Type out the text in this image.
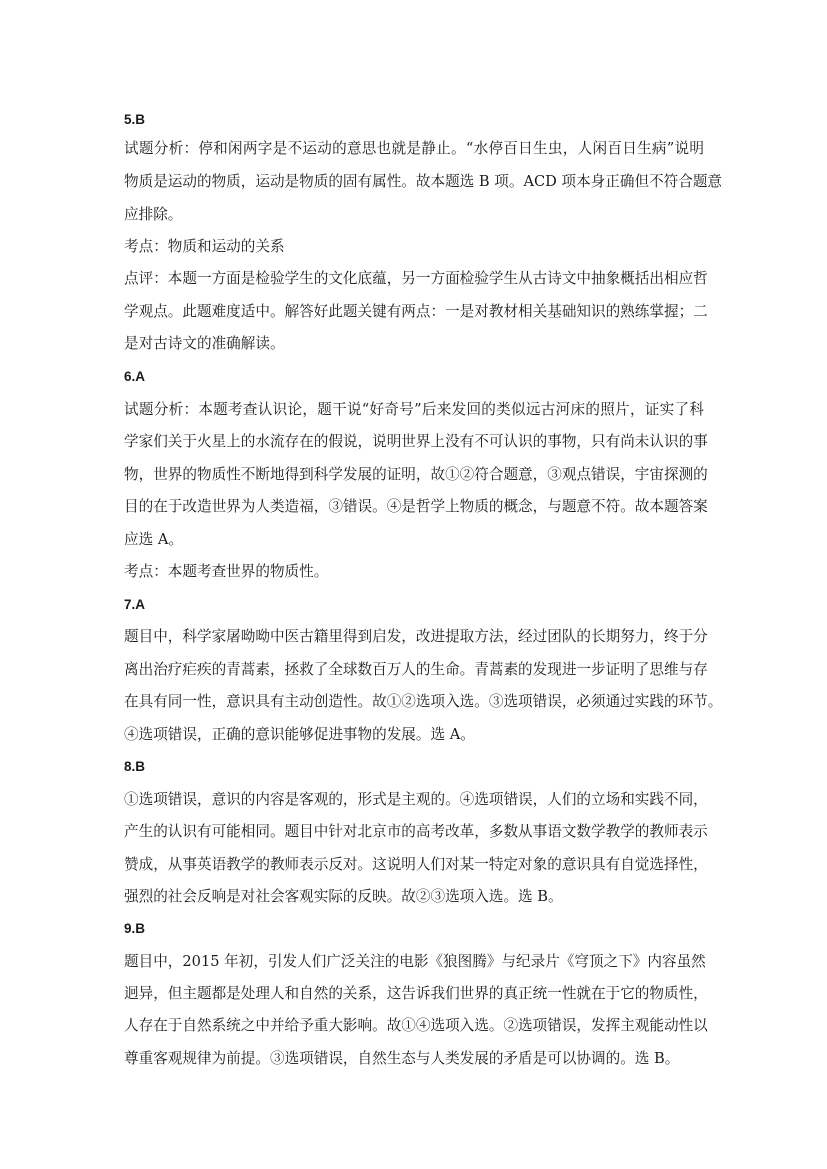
5.B
试题分析：停和闲两字是不运动的意思也就是静止。“水停百日生虫，人闲百日生病”说明
物质是运动的物质，运动是物质的固有属性。故本题选 B 项。ACD 项本身正确但不符合题意
应排除。
考点：物质和运动的关系
点评：本题一方面是检验学生的文化底蕴，另一方面检验学生从古诗文中抽象概括出相应哲
学观点。此题难度适中。解答好此题关键有两点：一是对教材相关基础知识的熟练掌握；二
是对古诗文的准确解读。
6.A
试题分析：本题考查认识论，题干说“好奇号”后来发回的类似远古河床的照片，证实了科
学家们关于火星上的水流存在的假说，说明世界上没有不可认识的事物，只有尚未认识的事
物，世界的物质性不断地得到科学发展的证明，故①②符合题意，③观点错误，宇宙探测的
目的在于改造世界为人类造福，③错误。④是哲学上物质的概念，与题意不符。故本题答案
应选 A。
考点：本题考查世界的物质性。
7.A
题目中，科学家屠呦呦中医古籍里得到启发，改进提取方法，经过团队的长期努力，终于分
离出治疗疟疾的青蒿素，拯救了全球数百万人的生命。青蒿素的发现进一步证明了思维与存
在具有同一性，意识具有主动创造性。故①②选项入选。③选项错误，必须通过实践的环节。
④选项错误，正确的意识能够促进事物的发展。选 A。
8.B
①选项错误，意识的内容是客观的，形式是主观的。④选项错误，人们的立场和实践不同，
产生的认识有可能相同。题目中针对北京市的高考改革，多数从事语文数学教学的教师表示
赞成，从事英语教学的教师表示反对。这说明人们对某一特定对象的意识具有自觉选择性，
强烈的社会反响是对社会客观实际的反映。故②③选项入选。选 B。
9.B
题目中，2015 年初，引发人们广泛关注的电影《狼图腾》与纪录片《穹顶之下》内容虽然
迥异，但主题都是处理人和自然的关系，这告诉我们世界的真正统一性就在于它的物质性，
人存在于自然系统之中并给予重大影响。故①④选项入选。②选项错误，发挥主观能动性以
尊重客观规律为前提。③选项错误，自然生态与人类发展的矛盾是可以协调的。选 B。
